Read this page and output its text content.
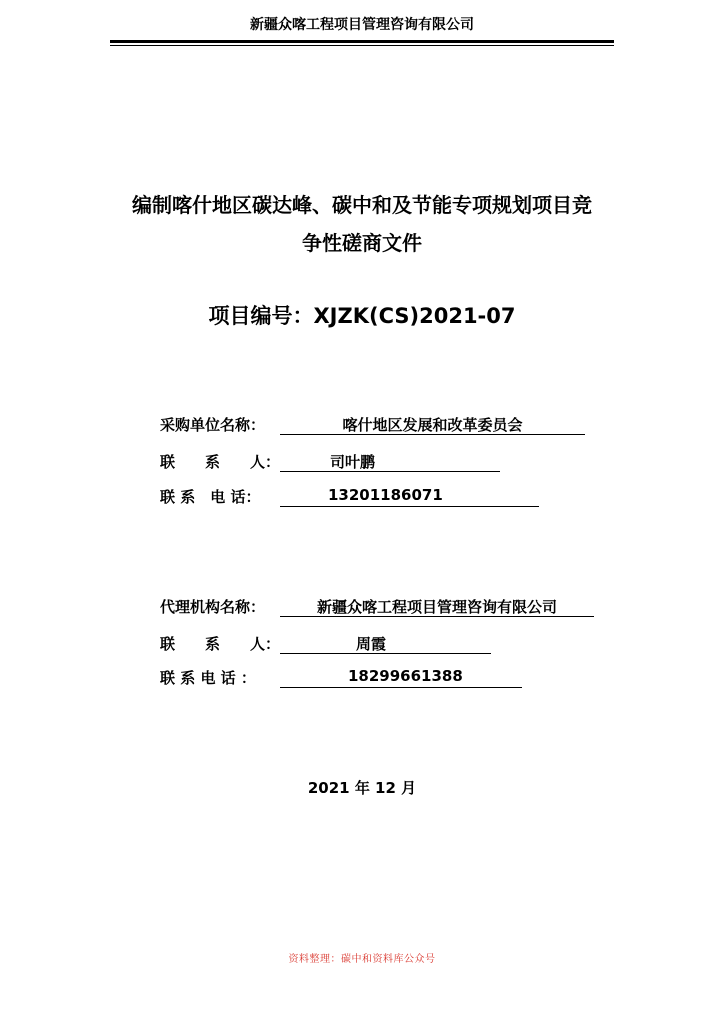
新疆众喀工程项目管理咨询有限公司
编制喀什地区碳达峰、碳中和及节能专项规划项目竞
争性磋商文件
项目编号：XJZK(CS)2021-07
采购单位名称：	喀什地区发展和改革委员会
联　　系　　人：	司叶鹏
联 系　电 话：	13201186071
代理机构名称：	新疆众喀工程项目管理咨询有限公司
联　　系　　人：	周霞
联 系 电 话 ：	18299661388
2021 年 12 月
资料整理：碳中和资料库公众号
